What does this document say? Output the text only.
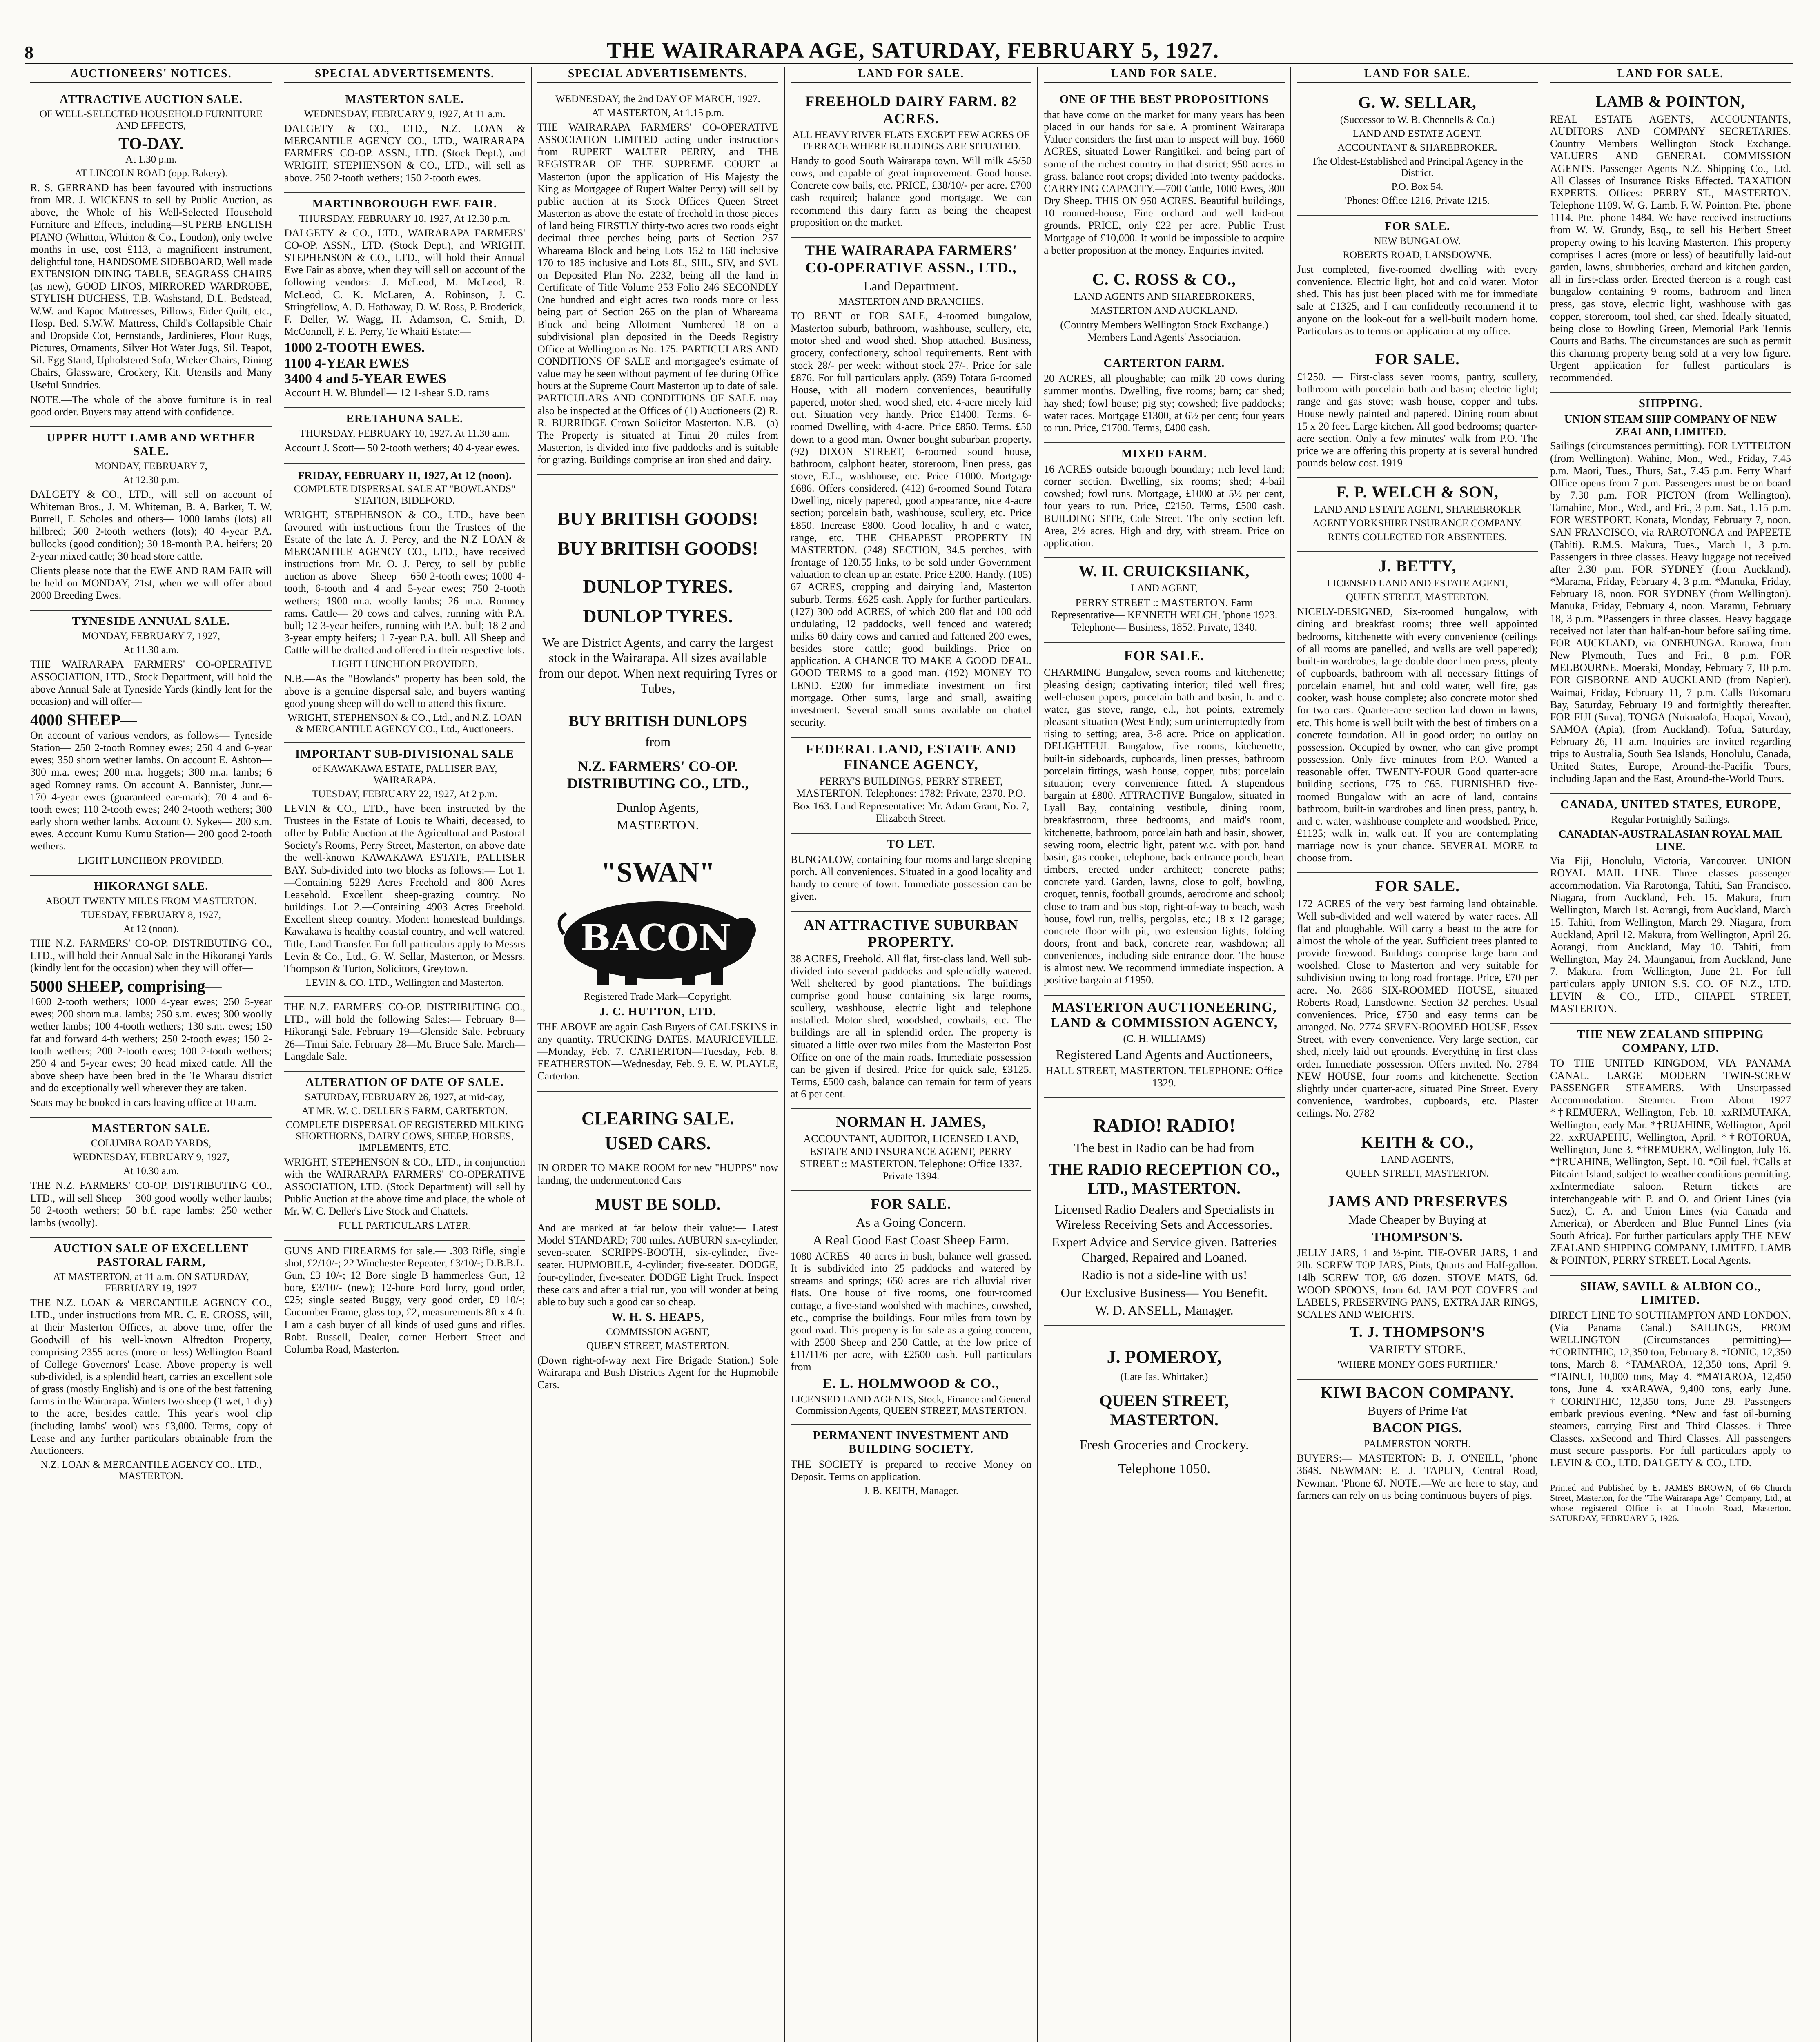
8	THE WAIRARAPA AGE, SATURDAY, FEBRUARY 5, 1927.
AUCTIONEERS' NOTICES.
ATTRACTIVE AUCTION SALE.
OF WELL-SELECTED HOUSEHOLD FURNITURE AND EFFECTS,
TO-DAY.
At 1.30 p.m.
AT LINCOLN ROAD (opp. Bakery).

R. S. GERRAND has been favoured with instructions from MR. J. WICKENS to sell by Public Auction, as above, the Whole of his Well-Selected Household Furniture and Effects, including—SUPERB ENGLISH PIANO (Whitton, Whitton & Co., London), only twelve months in use, cost £113, a magnificent instrument, delightful tone, HANDSOME SIDEBOARD, Well made EXTENSION DINING TABLE, SEAGRASS CHAIRS (as new), GOOD LINOS, MIRRORED WARDROBE, STYLISH DUCHESS, T.B. Washstand, D.L. Bedstead, W.W. and Kapoc Mattresses, Pillows, Eider Quilt, etc., Hosp. Bed, S.W.W. Mattress, Child's Collapsible Chair and Dropside Cot, Fernstands, Jardinieres, Floor Rugs, Pictures, Ornaments, Silver Hot Water Jugs, Sil. Teapot, Sil. Egg Stand, Upholstered Sofa, Wicker Chairs, Dining Chairs, Glassware, Crockery, Kit. Utensils and Many Useful Sundries.

NOTE.—The whole of the above furniture is in real good order. Buyers may attend with confidence.

UPPER HUTT LAMB AND WETHER SALE.
MONDAY, FEBRUARY 7,
At 12.30 p.m.

DALGETY & CO., LTD., will sell on account of Whiteman Bros., J. M. Whiteman, B. A. Barker, T. W. Burrell, F. Scholes and others— 1000 lambs (lots) all hillbred; 500 2-tooth wethers (lots); 40 4-year P.A. bullocks (good condition); 30 18-month P.A. heifers; 20 2-year mixed cattle; 30 head store cattle.

Clients please note that the EWE AND RAM FAIR will be held on MONDAY, 21st, when we will offer about 2000 Breeding Ewes.

TYNESIDE ANNUAL SALE.
MONDAY, FEBRUARY 7, 1927,
At 11.30 a.m.

THE WAIRARAPA FARMERS' CO-OPERATIVE ASSOCIATION, LTD., Stock Department, will hold the above Annual Sale at Tyneside Yards (kindly lent for the occasion) and will offer—

4000 SHEEP—

On account of various vendors, as follows— Tyneside Station— 250 2-tooth Romney ewes; 250 4 and 6-year ewes; 350 shorn wether lambs. On account E. Ashton— 300 m.a. ewes; 200 m.a. hoggets; 300 m.a. lambs; 6 aged Romney rams. On account A. Bannister, Junr.— 170 4-year ewes (guaranteed ear-mark); 70 4 and 6-tooth ewes; 110 2-tooth ewes; 240 2-tooth wethers; 300 early shorn wether lambs. Account O. Sykes— 200 s.m. ewes. Account Kumu Kumu Station— 200 good 2-tooth wethers.

LIGHT LUNCHEON PROVIDED.
HIKORANGI SALE.
ABOUT TWENTY MILES FROM MASTERTON.
TUESDAY, FEBRUARY 8, 1927,
At 12 (noon).

THE N.Z. FARMERS' CO-OP. DISTRIBUTING CO., LTD., will hold their Annual Sale in the Hikorangi Yards (kindly lent for the occasion) when they will offer—

5000 SHEEP, comprising—

1600 2-tooth wethers; 1000 4-year ewes; 250 5-year ewes; 200 shorn m.a. lambs; 250 s.m. ewes; 300 woolly wether lambs; 100 4-tooth wethers; 130 s.m. ewes; 150 fat and forward 4-th wethers; 250 2-tooth ewes; 150 2-tooth wethers; 200 2-tooth ewes; 100 2-tooth wethers; 250 4 and 5-year ewes; 30 head mixed cattle. All the above sheep have been bred in the Te Wharau district and do exceptionally well wherever they are taken.

Seats may be booked in cars leaving office at 10 a.m.

MASTERTON SALE.
COLUMBA ROAD YARDS,
WEDNESDAY, FEBRUARY 9, 1927,
At 10.30 a.m.

THE N.Z. FARMERS' CO-OP. DISTRIBUTING CO., LTD., will sell Sheep— 300 good woolly wether lambs; 50 2-tooth wethers; 50 b.f. rape lambs; 250 wether lambs (woolly).

AUCTION SALE OF EXCELLENT PASTORAL FARM,
AT MASTERTON, at 11 a.m. ON SATURDAY, FEBRUARY 19, 1927

THE N.Z. LOAN & MERCANTILE AGENCY CO., LTD., under instructions from MR. C. E. CROSS, will, at their Masterton Offices, at above time, offer the Goodwill of his well-known Alfredton Property, comprising 2355 acres (more or less) Wellington Board of College Governors' Lease. Above property is well sub-divided, is a splendid heart, carries an excellent sole of grass (mostly English) and is one of the best fattening farms in the Wairarapa. Winters two sheep (1 wet, 1 dry) to the acre, besides cattle. This year's wool clip (including lambs' wool) was £3,000. Terms, copy of Lease and any further particulars obtainable from the Auctioneers.

N.Z. LOAN & MERCANTILE AGENCY CO., LTD., MASTERTON.
SPECIAL ADVERTISEMENTS.
MASTERTON SALE.
WEDNESDAY, FEBRUARY 9, 1927, At 11 a.m.

DALGETY & CO., LTD., N.Z. LOAN & MERCANTILE AGENCY CO., LTD., WAIRARAPA FARMERS' CO-OP. ASSN., LTD. (Stock Dept.), and WRIGHT, STEPHENSON & CO., LTD., will sell as above. 250 2-tooth wethers; 150 2-tooth ewes.

MARTINBOROUGH EWE FAIR.
THURSDAY, FEBRUARY 10, 1927, At 12.30 p.m.

DALGETY & CO., LTD., WAIRARAPA FARMERS' CO-OP. ASSN., LTD. (Stock Dept.), and WRIGHT, STEPHENSON & CO., LTD., will hold their Annual Ewe Fair as above, when they will sell on account of the following vendors:—J. McLeod, M. McLeod, R. McLeod, C. K. McLaren, A. Robinson, J. C. Stringfellow, A. D. Hathaway, D. W. Ross, P. Broderick, F. Deller, W. Wagg, H. Adamson, C. Smith, D. McConnell, F. E. Perry, Te Whaiti Estate:—

1000 2-TOOTH EWES.
1100 4-YEAR EWES
3400 4 and 5-YEAR EWES

Account H. W. Blundell— 12 1-shear S.D. rams

ERETAHUNA SALE.
THURSDAY, FEBRUARY 10, 1927. At 11.30 a.m.

Account J. Scott— 50 2-tooth wethers; 40 4-year ewes.

FRIDAY, FEBRUARY 11, 1927, At 12 (noon).
COMPLETE DISPERSAL SALE AT "BOWLANDS" STATION, BIDEFORD.

WRIGHT, STEPHENSON & CO., LTD., have been favoured with instructions from the Trustees of the Estate of the late A. J. Percy, and the N.Z LOAN & MERCANTILE AGENCY CO., LTD., have received instructions from Mr. O. J. Percy, to sell by public auction as above— Sheep— 650 2-tooth ewes; 1000 4-tooth, 6-tooth and 4 and 5-year ewes; 750 2-tooth wethers; 1900 m.a. woolly lambs; 26 m.a. Romney rams. Cattle— 20 cows and calves, running with P.A. bull; 12 3-year heifers, running with P.A. bull; 18 2 and 3-year empty heifers; 1 7-year P.A. bull. All Sheep and Cattle will be drafted and offered in their respective lots.

LIGHT LUNCHEON PROVIDED.

N.B.—As the "Bowlands" property has been sold, the above is a genuine dispersal sale, and buyers wanting good young sheep will do well to attend this fixture.

WRIGHT, STEPHENSON & CO., Ltd., and N.Z. LOAN & MERCANTILE AGENCY CO., Ltd., Auctioneers.
IMPORTANT SUB-DIVISIONAL SALE
of KAWAKAWA ESTATE, PALLISER BAY, WAIRARAPA.
TUESDAY, FEBRUARY 22, 1927, At 2 p.m.

LEVIN & CO., LTD., have been instructed by the Trustees in the Estate of Louis te Whaiti, deceased, to offer by Public Auction at the Agricultural and Pastoral Society's Rooms, Perry Street, Masterton, on above date the well-known KAWAKAWA ESTATE, PALLISER BAY. Sub-divided into two blocks as follows:— Lot 1.—Containing 5229 Acres Freehold and 800 Acres Leasehold. Excellent sheep-grazing country. No buildings. Lot 2.—Containing 4903 Acres Freehold. Excellent sheep country. Modern homestead buildings. Kawakawa is healthy coastal country, and well watered. Title, Land Transfer. For full particulars apply to Messrs Levin & Co., Ltd., G. W. Sellar, Masterton, or Messrs. Thompson & Turton, Solicitors, Greytown.

LEVIN & CO. LTD., Wellington and Masterton.

THE N.Z. FARMERS' CO-OP. DISTRIBUTING CO., LTD., will hold the following Sales:— February 8—Hikorangi Sale. February 19—Glenside Sale. February 26—Tinui Sale. February 28—Mt. Bruce Sale. March—Langdale Sale.

ALTERATION OF DATE OF SALE.
SATURDAY, FEBRUARY 26, 1927, at mid-day,
AT MR. W. C. DELLER'S FARM, CARTERTON.
COMPLETE DISPERSAL OF REGISTERED MILKING SHORTHORNS, DAIRY COWS, SHEEP, HORSES, IMPLEMENTS, ETC.

WRIGHT, STEPHENSON & CO., LTD., in conjunction with the WAIRARAPA FARMERS' CO-OPERATIVE ASSOCIATION, LTD. (Stock Department) will sell by Public Auction at the above time and place, the whole of Mr. W. C. Deller's Live Stock and Chattels.

FULL PARTICULARS LATER.

GUNS AND FIREARMS for sale.— .303 Rifle, single shot, £2/10/-; 22 Winchester Repeater, £3/10/-; D.B.B.L. Gun, £3 10/-; 12 Bore single B hammerless Gun, 12 bore, £3/10/- (new); 12-bore Ford lorry, good order, £25; single seated Buggy, very good order, £9 10/-; Cucumber Frame, glass top, £2, measurements 8ft x 4 ft. I am a cash buyer of all kinds of used guns and rifles. Robt. Russell, Dealer, corner Herbert Street and Columba Road, Masterton.

SPECIAL ADVERTISEMENTS.
WEDNESDAY, the 2nd DAY OF MARCH, 1927.
AT MASTERTON, At 1.15 p.m.

THE WAIRARAPA FARMERS' CO-OPERATIVE ASSOCIATION LIMITED acting under instructions from RUPERT WALTER PERRY, and THE REGISTRAR OF THE SUPREME COURT at Masterton (upon the application of His Majesty the King as Mortgagee of Rupert Walter Perry) will sell by public auction at its Stock Offices Queen Street Masterton as above the estate of freehold in those pieces of land being FIRSTLY thirty-two acres two roods eight decimal three perches being parts of Section 257 Whareama Block and being Lots 152 to 160 inclusive 170 to 185 inclusive and Lots 8L, SIIL, SIV, and SVL on Deposited Plan No. 2232, being all the land in Certificate of Title Volume 253 Folio 246 SECONDLY One hundred and eight acres two roods more or less being part of Section 265 on the plan of Whareama Block and being Allotment Numbered 18 on a subdivisional plan deposited in the Deeds Registry Office at Wellington as No. 175. PARTICULARS AND CONDITIONS OF SALE and mortgagee's estimate of value may be seen without payment of fee during Office hours at the Supreme Court Masterton up to date of sale. PARTICULARS AND CONDITIONS OF SALE may also be inspected at the Offices of (1) Auctioneers (2) R. R. BURRIDGE Crown Solicitor Masterton. N.B.—(a) The Property is situated at Tinui 20 miles from Masterton, is divided into five paddocks and is suitable for grazing. Buildings comprise an iron shed and dairy.

BUY BRITISH GOODS!
BUY BRITISH GOODS!
DUNLOP TYRES.
DUNLOP TYRES.

We are District Agents, and carry the largest stock in the Wairarapa. All sizes available from our depot. When next requiring Tyres or Tubes,

BUY BRITISH DUNLOPS
from
N.Z. FARMERS' CO-OP. DISTRIBUTING CO., LTD.,
Dunlop Agents,
MASTERTON.
"SWAN"
BACON
Registered Trade Mark—Copyright.
J. C. HUTTON, LTD.

THE ABOVE are again Cash Buyers of CALFSKINS in any quantity. TRUCKING DATES. MAURICEVILLE.—Monday, Feb. 7. CARTERTON—Tuesday, Feb. 8. FEATHERSTON—Wednesday, Feb. 9. E. W. PLAYLE, Carterton.

CLEARING SALE.
USED CARS.

IN ORDER TO MAKE ROOM for new "HUPPS" now landing, the undermentioned Cars

MUST BE SOLD.

And are marked at far below their value:— Latest Model STANDARD; 700 miles. AUBURN six-cylinder, seven-seater. SCRIPPS-BOOTH, six-cylinder, five-seater. HUPMOBILE, 4-cylinder; five-seater. DODGE, four-cylinder, five-seater. DODGE Light Truck. Inspect these cars and after a trial run, you will wonder at being able to buy such a good car so cheap.

W. H. S. HEAPS,
COMMISSION AGENT,
QUEEN STREET, MASTERTON.

(Down right-of-way next Fire Brigade Station.) Sole Wairarapa and Bush Districts Agent for the Hupmobile Cars.

LAND FOR SALE.
FREEHOLD DAIRY FARM. 82 ACRES.
ALL HEAVY RIVER FLATS EXCEPT FEW ACRES OF TERRACE WHERE BUILDINGS ARE SITUATED.

Handy to good South Wairarapa town. Will milk 45/50 cows, and capable of great improvement. Good house. Concrete cow bails, etc. PRICE, £38/10/- per acre. £700 cash required; balance good mortgage. We can recommend this dairy farm as being the cheapest proposition on the market.

THE WAIRARAPA FARMERS' CO-OPERATIVE ASSN., LTD.,
Land Department.
MASTERTON AND BRANCHES.

TO RENT or FOR SALE, 4-roomed bungalow, Masterton suburb, bathroom, washhouse, scullery, etc, motor shed and wood shed. Shop attached. Business, grocery, confectionery, school requirements. Rent with stock 28/- per week; without stock 27/-. Price for sale £876. For full particulars apply. (359) Totara 6-roomed House, with all modern conveniences, beautifully papered, motor shed, wood shed, etc. 4-acre nicely laid out. Situation very handy. Price £1400. Terms. 6-roomed Dwelling, with 4-acre. Price £850. Terms. £50 down to a good man. Owner bought suburban property. (92) DIXON STREET, 6-roomed sound house, bathroom, calphont heater, storeroom, linen press, gas stove, E.L., washhouse, etc. Price £1000. Mortgage £686. Offers considered. (412) 6-roomed Sound Totara Dwelling, nicely papered, good appearance, nice 4-acre section; porcelain bath, washhouse, scullery, etc. Price £850. Increase £800. Good locality, h and c water, range, etc. THE CHEAPEST PROPERTY IN MASTERTON. (248) SECTION, 34.5 perches, with frontage of 120.55 links, to be sold under Government valuation to clean up an estate. Price £200. Handy. (105) 67 ACRES, cropping and dairying land, Masterton suburb. Terms. £625 cash. Apply for further particulars. (127) 300 odd ACRES, of which 200 flat and 100 odd undulating, 12 paddocks, well fenced and watered; milks 60 dairy cows and carried and fattened 200 ewes, besides store cattle; good buildings. Price on application. A CHANCE TO MAKE A GOOD DEAL. GOOD TERMS to a good man. (192) MONEY TO LEND. £200 for immediate investment on first mortgage. Other sums, large and small, awaiting investment. Several small sums available on chattel security.

FEDERAL LAND, ESTATE AND FINANCE AGENCY,

PERRY'S BUILDINGS, PERRY STREET, MASTERTON. Telephones: 1782; Private, 2370. P.O. Box 163. Land Representative: Mr. Adam Grant, No. 7, Elizabeth Street.

TO LET.

BUNGALOW, containing four rooms and large sleeping porch. All conveniences. Situated in a good locality and handy to centre of town. Immediate possession can be given.

AN ATTRACTIVE SUBURBAN PROPERTY.

38 ACRES, Freehold. All flat, first-class land. Well sub-divided into several paddocks and splendidly watered. Well sheltered by good plantations. The buildings comprise good house containing six large rooms, scullery, washhouse, electric light and telephone installed. Motor shed, woodshed, cowbails, etc. The buildings are all in splendid order. The property is situated a little over two miles from the Masterton Post Office on one of the main roads. Immediate possession can be given if desired. Price for quick sale, £3125. Terms, £500 cash, balance can remain for term of years at 6 per cent.

NORMAN H. JAMES,

ACCOUNTANT, AUDITOR, LICENSED LAND, ESTATE AND INSURANCE AGENT, PERRY STREET :: MASTERTON. Telephone: Office 1337. Private 1394.

FOR SALE.
As a Going Concern.
A Real Good East Coast Sheep Farm.

1080 ACRES—40 acres in bush, balance well grassed. It is subdivided into 25 paddocks and watered by streams and springs; 650 acres are rich alluvial river flats. One house of five rooms, one four-roomed cottage, a five-stand woolshed with machines, cowshed, etc., comprise the buildings. Four miles from town by good road. This property is for sale as a going concern, with 2500 Sheep and 250 Cattle, at the low price of £11/11/6 per acre, with £2500 cash. Full particulars from

E. L. HOLMWOOD & CO.,
LICENSED LAND AGENTS, Stock, Finance and General Commission Agents, QUEEN STREET, MASTERTON.
PERMANENT INVESTMENT AND BUILDING SOCIETY.

THE SOCIETY is prepared to receive Money on Deposit. Terms on application.

J. B. KEITH, Manager.
LAND FOR SALE.
ONE OF THE BEST PROPOSITIONS

that have come on the market for many years has been placed in our hands for sale. A prominent Wairarapa Valuer considers the first man to inspect will buy. 1660 ACRES, situated Lower Rangitikei, and being part of some of the richest country in that district; 950 acres in grass, balance root crops; divided into twenty paddocks. CARRYING CAPACITY.—700 Cattle, 1000 Ewes, 300 Dry Sheep. THIS ON 950 ACRES. Beautiful buildings, 10 roomed-house, Fine orchard and well laid-out grounds. PRICE, only £22 per acre. Public Trust Mortgage of £10,000. It would be impossible to acquire a better proposition at the money. Enquiries invited.

C. C. ROSS & CO.,
LAND AGENTS AND SHAREBROKERS,
MASTERTON AND AUCKLAND.

(Country Members Wellington Stock Exchange.) Members Land Agents' Association.

CARTERTON FARM.

20 ACRES, all ploughable; can milk 20 cows during summer months. Dwelling, five rooms; barn; car shed; hay shed; fowl house; pig sty; cowshed; five paddocks; water races. Mortgage £1300, at 6½ per cent; four years to run. Price, £1700. Terms, £400 cash.

MIXED FARM.

16 ACRES outside borough boundary; rich level land; corner section. Dwelling, six rooms; shed; 4-bail cowshed; fowl runs. Mortgage, £1000 at 5½ per cent, four years to run. Price, £2150. Terms, £500 cash. BUILDING SITE, Cole Street. The only section left. Area, 2½ acres. High and dry, with stream. Price on application.

W. H. CRUICKSHANK,
LAND AGENT,

PERRY STREET :: MASTERTON. Farm Representative— KENNETH WELCH, 'phone 1923. Telephone— Business, 1852. Private, 1340.

FOR SALE.

CHARMING Bungalow, seven rooms and kitchenette; pleasing design; captivating interior; tiled well fires; well-chosen papers, porcelain bath and basin, h. and c. water, gas stove, range, e.l., hot points, extremely pleasant situation (West End); sum uninterruptedly from rising to setting; area, 3-8 acre. Price on application. DELIGHTFUL Bungalow, five rooms, kitchenette, built-in sideboards, cupboards, linen presses, bathroom porcelain fittings, wash house, copper, tubs; porcelain situation; every convenience fitted. A stupendous bargain at £800. ATTRACTIVE Bungalow, situated in Lyall Bay, containing vestibule, dining room, breakfastroom, three bedrooms, and maid's room, kitchenette, bathroom, porcelain bath and basin, shower, sewing room, electric light, patent w.c. with por. hand basin, gas cooker, telephone, back entrance porch, heart timbers, erected under architect; concrete paths; concrete yard. Garden, lawns, close to golf, bowling, croquet, tennis, football grounds, aerodrome and school; close to tram and bus stop, right-of-way to beach, wash house, fowl run, trellis, pergolas, etc.; 18 x 12 garage; concrete floor with pit, two extension lights, folding doors, front and back, concrete rear, washdown; all conveniences, including side entrance door. The house is almost new. We recommend immediate inspection. A positive bargain at £1950.

MASTERTON AUCTIONEERING, LAND & COMMISSION AGENCY,
(C. H. WILLIAMS)
Registered Land Agents and Auctioneers,

HALL STREET, MASTERTON. TELEPHONE: Office 1329.

RADIO! RADIO!

The best in Radio can be had from

THE RADIO RECEPTION CO., LTD., MASTERTON.

Licensed Radio Dealers and Specialists in Wireless Receiving Sets and Accessories.

Expert Advice and Service given. Batteries Charged, Repaired and Loaned.

Radio is not a side-line with us!

Our Exclusive Business— You Benefit.

W. D. ANSELL, Manager.
J. POMEROY,
(Late Jas. Whittaker.)
QUEEN STREET, MASTERTON.
Fresh Groceries and Crockery.
Telephone 1050.
LAND FOR SALE.
G. W. SELLAR,
(Successor to W. B. Chennells & Co.)
LAND AND ESTATE AGENT,
ACCOUNTANT & SHAREBROKER.
The Oldest-Established and Principal Agency in the District.
P.O. Box 54.
'Phones: Office 1216, Private 1215.
FOR SALE.
NEW BUNGALOW.
ROBERTS ROAD, LANSDOWNE.

Just completed, five-roomed dwelling with every convenience. Electric light, hot and cold water. Motor shed. This has just been placed with me for immediate sale at £1325, and I can confidently recommend it to anyone on the look-out for a well-built modern home. Particulars as to terms on application at my office.

FOR SALE.

£1250. — First-class seven rooms, pantry, scullery, bathroom with porcelain bath and basin; electric light; range and gas stove; wash house, copper and tubs. House newly painted and papered. Dining room about 15 x 20 feet. Large kitchen. All good bedrooms; quarter-acre section. Only a few minutes' walk from P.O. The price we are offering this property at is several hundred pounds below cost. 1919

F. P. WELCH & SON,
LAND AND ESTATE AGENT, SHAREBROKER
AGENT YORKSHIRE INSURANCE COMPANY.
RENTS COLLECTED FOR ABSENTEES.
J. BETTY,
LICENSED LAND AND ESTATE AGENT,
QUEEN STREET, MASTERTON.

NICELY-DESIGNED, Six-roomed bungalow, with dining and breakfast rooms; three well appointed bedrooms, kitchenette with every convenience (ceilings of all rooms are panelled, and walls are well papered); built-in wardrobes, large double door linen press, plenty of cupboards, bathroom with all necessary fittings of porcelain enamel, hot and cold water, well fire, gas cooker, wash house complete; also concrete motor shed for two cars. Quarter-acre section laid down in lawns, etc. This home is well built with the best of timbers on a concrete foundation. All in good order; no outlay on possession. Occupied by owner, who can give prompt possession. Only five minutes from P.O. Wanted a reasonable offer. TWENTY-FOUR Good quarter-acre building sections, £75 to £65. FURNISHED five-roomed Bungalow with an acre of land, contains bathroom, built-in wardrobes and linen press, pantry, h. and c. water, washhouse complete and woodshed. Price, £1125; walk in, walk out. If you are contemplating marriage now is your chance. SEVERAL MORE to choose from.

FOR SALE.

172 ACRES of the very best farming land obtainable. Well sub-divided and well watered by water races. All flat and ploughable. Will carry a beast to the acre for almost the whole of the year. Sufficient trees planted to provide firewood. Buildings comprise large barn and woolshed. Close to Masterton and very suitable for subdivision owing to long road frontage. Price, £70 per acre. No. 2686 SIX-ROOMED HOUSE, situated Roberts Road, Lansdowne. Section 32 perches. Usual conveniences. Price, £750 and easy terms can be arranged. No. 2774 SEVEN-ROOMED HOUSE, Essex Street, with every convenience. Very large section, car shed, nicely laid out grounds. Everything in first class order. Immediate possession. Offers invited. No. 2784 NEW HOUSE, four rooms and kitchenette. Section slightly under quarter-acre, situated Pine Street. Every convenience, wardrobes, cupboards, etc. Plaster ceilings. No. 2782

KEITH & CO.,
LAND AGENTS,
QUEEN STREET, MASTERTON.
JAMS AND PRESERVES
Made Cheaper by Buying at
THOMPSON'S.

JELLY JARS, 1 and ½-pint. TIE-OVER JARS, 1 and 2lb. SCREW TOP JARS, Pints, Quarts and Half-gallon. 14lb SCREW TOP, 6/6 dozen. STOVE MATS, 6d. WOOD SPOONS, from 6d. JAM POT COVERS and LABELS, PRESERVING PANS, EXTRA JAR RINGS, SCALES AND WEIGHTS.

T. J. THOMPSON'S
VARIETY STORE,
'WHERE MONEY GOES FURTHER.'
KIWI BACON COMPANY.
Buyers of Prime Fat
BACON PIGS.
PALMERSTON NORTH.

BUYERS:— MASTERTON: B. J. O'NEILL, 'phone 364S. NEWMAN: E. J. TAPLIN, Central Road, Newman. 'Phone 6J. NOTE.—We are here to stay, and farmers can rely on us being continuous buyers of pigs.

LAND FOR SALE.
LAMB & POINTON,

REAL ESTATE AGENTS, ACCOUNTANTS, AUDITORS AND COMPANY SECRETARIES. Country Members Wellington Stock Exchange. VALUERS AND GENERAL COMMISSION AGENTS. Passenger Agents N.Z. Shipping Co., Ltd. All Classes of Insurance Risks Effected. TAXATION EXPERTS. Offices: PERRY ST., MASTERTON. Telephone 1109. W. G. Lamb. F. W. Pointon. Pte. 'phone 1114. Pte. 'phone 1484. We have received instructions from W. W. Grundy, Esq., to sell his Herbert Street property owing to his leaving Masterton. This property comprises 1 acres (more or less) of beautifully laid-out garden, lawns, shrubberies, orchard and kitchen garden, all in first-class order. Erected thereon is a rough cast bungalow containing 9 rooms, bathroom and linen press, gas stove, electric light, washhouse with gas copper, storeroom, tool shed, car shed. Ideally situated, being close to Bowling Green, Memorial Park Tennis Courts and Baths. The circumstances are such as permit this charming property being sold at a very low figure. Urgent application for fullest particulars is recommended.

SHIPPING.
UNION STEAM SHIP COMPANY OF NEW ZEALAND, LIMITED.

Sailings (circumstances permitting). FOR LYTTELTON (from Wellington). Wahine, Mon., Wed., Friday, 7.45 p.m. Maori, Tues., Thurs, Sat., 7.45 p.m. Ferry Wharf Office opens from 7 p.m. Passengers must be on board by 7.30 p.m. FOR PICTON (from Wellington). Tamahine, Mon., Wed., and Fri., 3 p.m. Sat., 1.15 p.m. FOR WESTPORT. Konata, Monday, February 7, noon. SAN FRANCISCO, via RAROTONGA and PAPEETE (Tahiti). R.M.S. Makura, Tues., March 1, 3 p.m. Passengers in three classes. Heavy luggage not received after 2.30 p.m. FOR SYDNEY (from Auckland). *Marama, Friday, February 4, 3 p.m. *Manuka, Friday, February 18, noon. FOR SYDNEY (from Wellington). Manuka, Friday, February 4, noon. Maramu, February 18, 3 p.m. *Passengers in three classes. Heavy baggage received not later than half-an-hour before sailing time. FOR AUCKLAND, via ONEHUNGA. Rarawa, from New Plymouth, Tues and Fri., 8 p.m. FOR MELBOURNE. Moeraki, Monday, February 7, 10 p.m. FOR GISBORNE AND AUCKLAND (from Napier). Waimai, Friday, February 11, 7 p.m. Calls Tokomaru Bay, Saturday, February 19 and fortnightly thereafter. FOR FIJI (Suva), TONGA (Nukualofa, Haapai, Vavau), SAMOA (Apia), (from Auckland). Tofua, Saturday, February 26, 11 a.m. Inquiries are invited regarding trips to Australia, South Sea Islands, Honolulu, Canada, United States, Europe, Around-the-Pacific Tours, including Japan and the East, Around-the-World Tours.

CANADA, UNITED STATES, EUROPE,
Regular Fortnightly Sailings.
CANADIAN-AUSTRALASIAN ROYAL MAIL LINE.

Via Fiji, Honolulu, Victoria, Vancouver. UNION ROYAL MAIL LINE. Three classes passenger accommodation. Via Rarotonga, Tahiti, San Francisco. Niagara, from Auckland, Feb. 15. Makura, from Wellington, March 1st. Aorangi, from Auckland, March 15. Tahiti, from Wellington, March 29. Niagara, from Auckland, April 12. Makura, from Wellington, April 26. Aorangi, from Auckland, May 10. Tahiti, from Wellington, May 24. Maunganui, from Auckland, June 7. Makura, from Wellington, June 21. For full particulars apply UNION S.S. CO. OF N.Z., LTD. LEVIN & CO., LTD., CHAPEL STREET, MASTERTON.

THE NEW ZEALAND SHIPPING COMPANY, LTD.

TO THE UNITED KINGDOM, VIA PANAMA CANAL. LARGE MODERN TWIN-SCREW PASSENGER STEAMERS. With Unsurpassed Accommodation. Steamer. From About 1927 *†REMUERA, Wellington, Feb. 18. xxRIMUTAKA, Wellington, early Mar. *†RUAHINE, Wellington, April 22. xxRUAPEHU, Wellington, April. *†ROTORUA, Wellington, June 3. *†REMUERA, Wellington, July 16. *†RUAHINE, Wellington, Sept. 10. *Oil fuel. †Calls at Pitcairn Island, subject to weather conditions permitting. xxIntermediate saloon. Return tickets are interchangeable with P. and O. and Orient Lines (via Suez), C. A. and Union Lines (via Canada and America), or Aberdeen and Blue Funnel Lines (via South Africa). For further particulars apply THE NEW ZEALAND SHIPPING COMPANY, LIMITED. LAMB & POINTON, PERRY STREET. Local Agents.

SHAW, SAVILL & ALBION CO., LIMITED.

DIRECT LINE TO SOUTHAMPTON AND LONDON. (Via Panama Canal.) SAILINGS, FROM WELLINGTON (Circumstances permitting)— †CORINTHIC, 12,350 ton, February 8. †IONIC, 12,350 tons, March 8. *TAMAROA, 12,350 tons, April 9. *TAINUI, 10,000 tons, May 4. *MATAROA, 12,450 tons, June 4. xxARAWA, 9,400 tons, early June. †CORINTHIC, 12,350 tons, June 29. Passengers embark previous evening. *New and fast oil-burning steamers, carrying First and Third Classes. †Three Classes. xxSecond and Third Classes. All passengers must secure passports. For full particulars apply to LEVIN & CO., LTD. DALGETY & CO., LTD.

Printed and Published by E. JAMES BROWN, of 66 Church Street, Masterton, for the "The Wairarapa Age" Company, Ltd., at whose registered Office is at Lincoln Road, Masterton. SATURDAY, FEBRUARY 5, 1926.
